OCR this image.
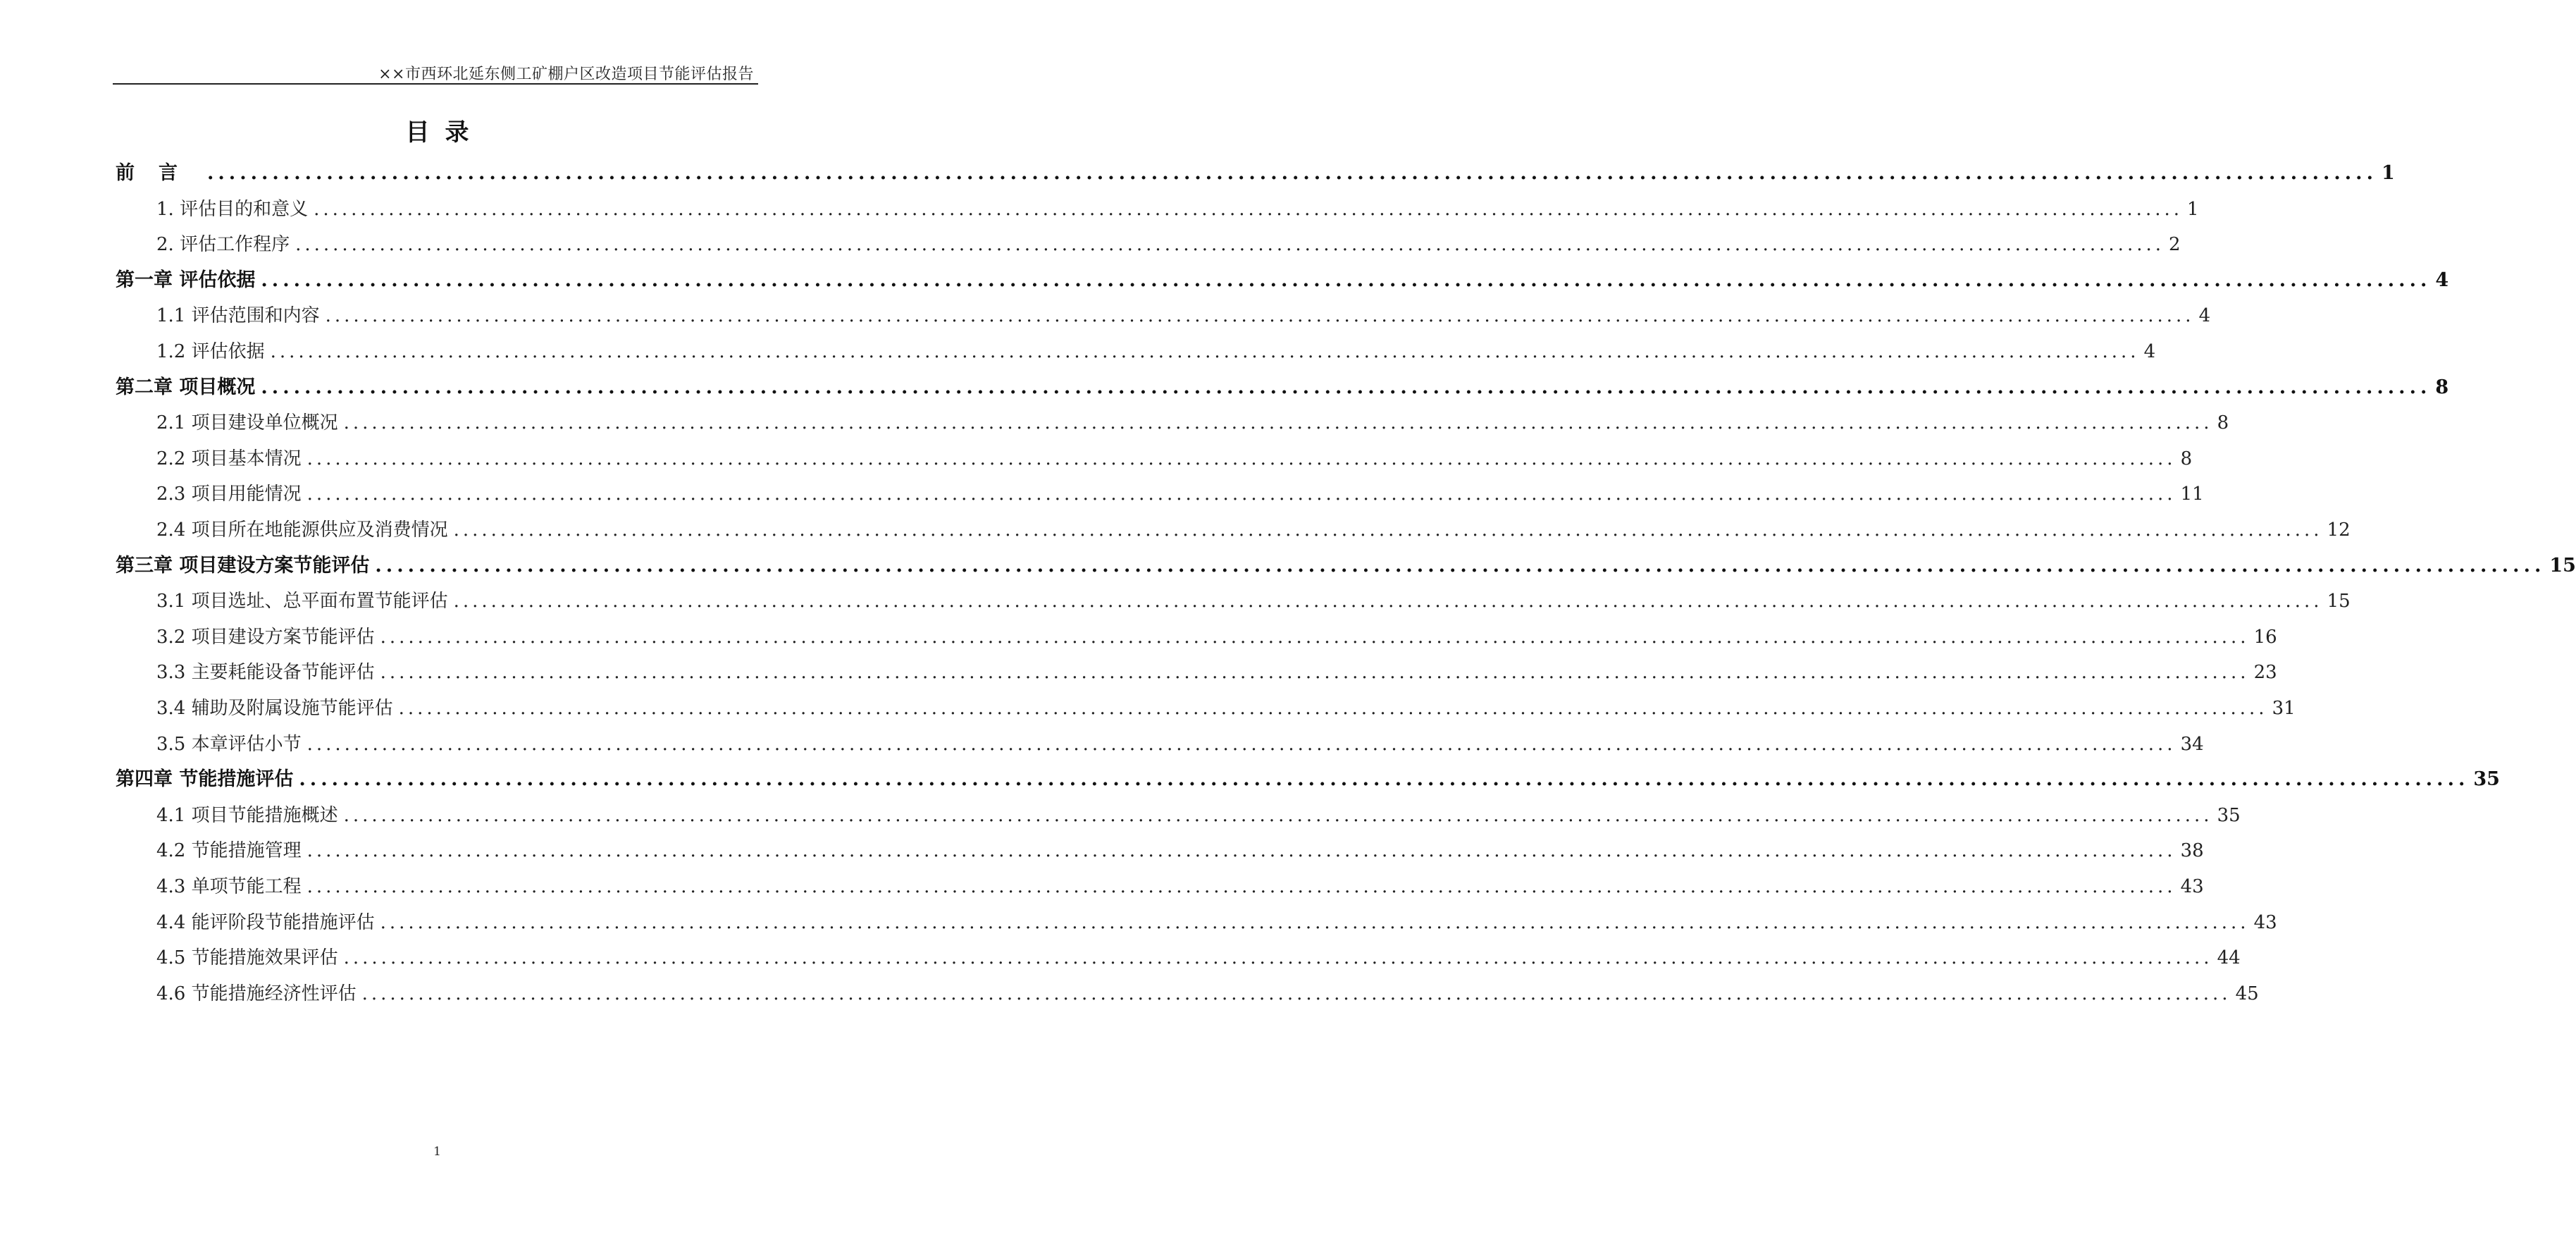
××市西环北延东侧工矿棚户区改造项目节能评估报告
目录
前言 ........................................................................................................................................................................................................ 1
1. 评估目的和意义 ........................................................................................................................................................................................................ 1
2. 评估工作程序 ........................................................................................................................................................................................................ 2
第一章 评估依据 ........................................................................................................................................................................................................ 4
1.1 评估范围和内容 ........................................................................................................................................................................................................ 4
1.2 评估依据 ........................................................................................................................................................................................................ 4
第二章 项目概况 ........................................................................................................................................................................................................ 8
2.1 项目建设单位概况 ........................................................................................................................................................................................................ 8
2.2 项目基本情况 ........................................................................................................................................................................................................ 8
2.3 项目用能情况 ........................................................................................................................................................................................................ 11
2.4 项目所在地能源供应及消费情况 ........................................................................................................................................................................................................ 12
第三章 项目建设方案节能评估 ........................................................................................................................................................................................................ 15
3.1 项目选址、总平面布置节能评估 ........................................................................................................................................................................................................ 15
3.2 项目建设方案节能评估 ........................................................................................................................................................................................................ 16
3.3 主要耗能设备节能评估 ........................................................................................................................................................................................................ 23
3.4 辅助及附属设施节能评估 ........................................................................................................................................................................................................ 31
3.5 本章评估小节 ........................................................................................................................................................................................................ 34
第四章 节能措施评估 ........................................................................................................................................................................................................ 35
4.1 项目节能措施概述 ........................................................................................................................................................................................................ 35
4.2 节能措施管理 ........................................................................................................................................................................................................ 38
4.3 单项节能工程 ........................................................................................................................................................................................................ 43
4.4 能评阶段节能措施评估 ........................................................................................................................................................................................................ 43
4.5 节能措施效果评估 ........................................................................................................................................................................................................ 44
4.6 节能措施经济性评估 ........................................................................................................................................................................................................ 45
1
